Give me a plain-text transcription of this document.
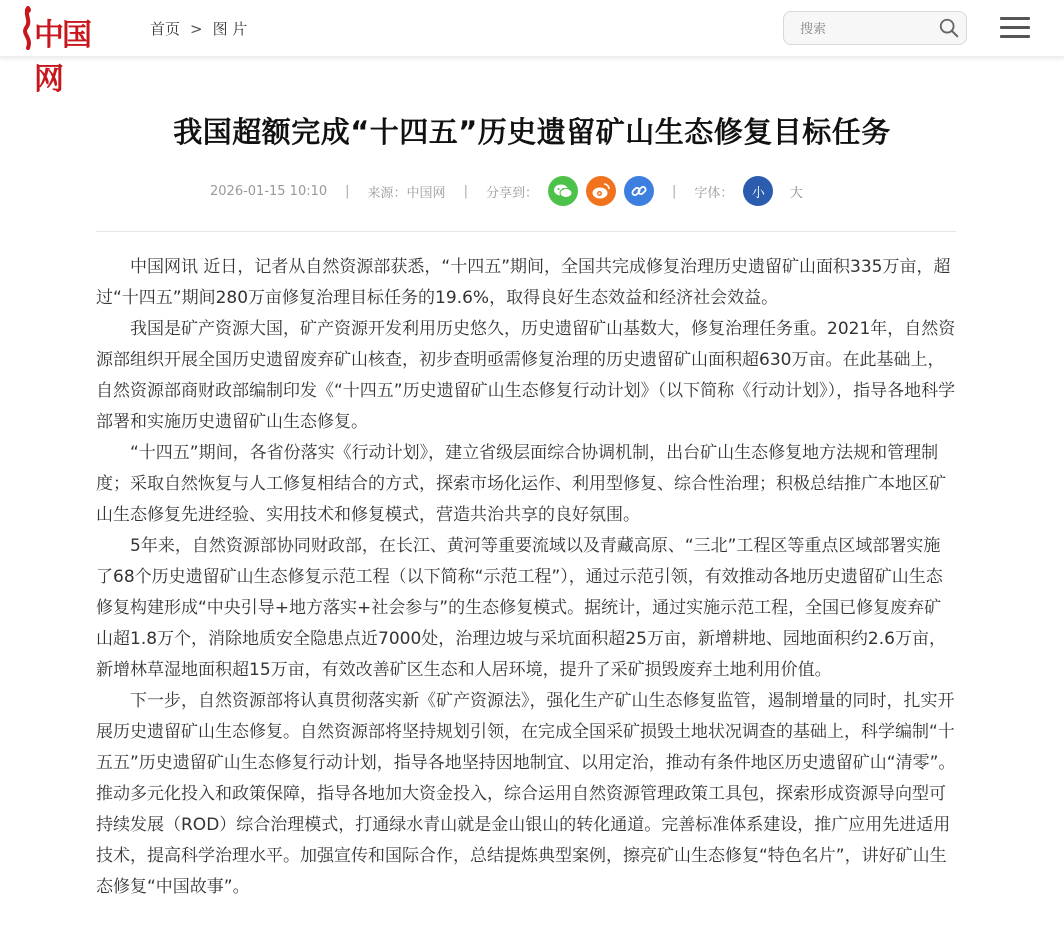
中国网
首页 > 图 片
搜索
我国超额完成“十四五”历史遗留矿山生态修复目标任务
2026-01-15 10:10 | 来源：中国网 | 分享到：	| 字体：	小	大

中国网讯 近日，记者从自然资源部获悉，“十四五”期间，全国共完成修复治理历史遗留矿山面积335万亩，超过“十四五”期间280万亩修复治理目标任务的19.6%，取得良好生态效益和经济社会效益。

我国是矿产资源大国，矿产资源开发利用历史悠久，历史遗留矿山基数大，修复治理任务重。2021年，自然资源部组织开展全国历史遗留废弃矿山核查，初步查明亟需修复治理的历史遗留矿山面积超630万亩。在此基础上，自然资源部商财政部编制印发《“十四五”历史遗留矿山生态修复行动计划》（以下简称《行动计划》），指导各地科学部署和实施历史遗留矿山生态修复。

“十四五”期间，各省份落实《行动计划》，建立省级层面综合协调机制，出台矿山生态修复地方法规和管理制度；采取自然恢复与人工修复相结合的方式，探索市场化运作、利用型修复、综合性治理；积极总结推广本地区矿山生态修复先进经验、实用技术和修复模式，营造共治共享的良好氛围。

5年来，自然资源部协同财政部，在长江、黄河等重要流域以及青藏高原、“三北”工程区等重点区域部署实施了68个历史遗留矿山生态修复示范工程（以下简称“示范工程”），通过示范引领，有效推动各地历史遗留矿山生态修复构建形成“中央引导+地方落实+社会参与”的生态修复模式。据统计，通过实施示范工程，全国已修复废弃矿山超1.8万个，消除地质安全隐患点近7000处，治理边坡与采坑面积超25万亩，新增耕地、园地面积约2.6万亩，新增林草湿地面积超15万亩，有效改善矿区生态和人居环境，提升了采矿损毁废弃土地利用价值。

下一步，自然资源部将认真贯彻落实新《矿产资源法》，强化生产矿山生态修复监管，遏制增量的同时，扎实开展历史遗留矿山生态修复。自然资源部将坚持规划引领，在完成全国采矿损毁土地状况调查的基础上，科学编制“十五五”历史遗留矿山生态修复行动计划，指导各地坚持因地制宜、以用定治，推动有条件地区历史遗留矿山“清零”。推动多元化投入和政策保障，指导各地加大资金投入，综合运用自然资源管理政策工具包，探索形成资源导向型可持续发展（ROD）综合治理模式，打通绿水青山就是金山银山的转化通道。完善标准体系建设，推广应用先进适用技术，提高科学治理水平。加强宣传和国际合作，总结提炼典型案例，擦亮矿山生态修复“特色名片”，讲好矿山生态修复“中国故事”。
